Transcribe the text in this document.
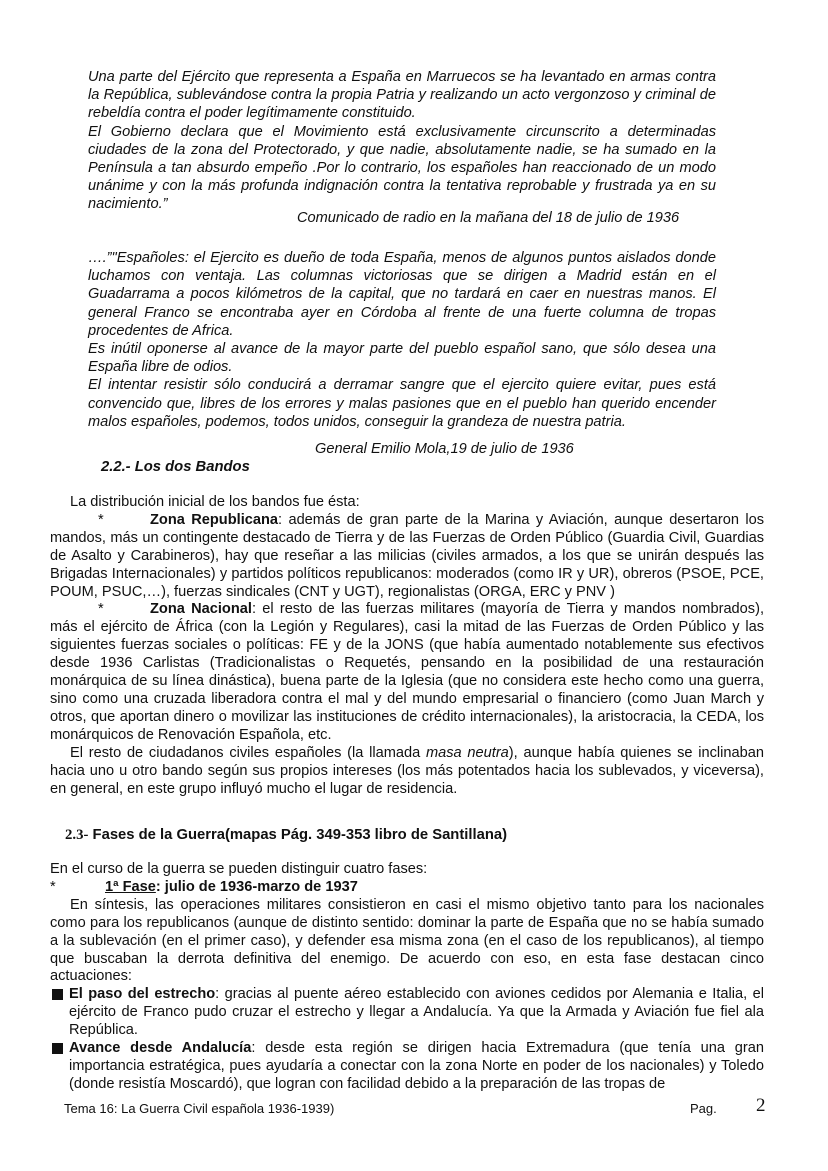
Una parte del Ejército que representa a España en Marruecos se ha levantado en armas contra la República, sublevándose contra la propia Patria y realizando un acto vergonzoso y criminal de rebeldía contra el poder legítimamente constituido.

El Gobierno declara que el Movimiento está exclusivamente circunscrito a determinadas ciudades de la zona del Protectorado, y que nadie, absolutamente nadie, se ha sumado en la Península a tan absurdo empeño .Por lo contrario, los españoles han reaccionado de un modo unánime y con la más profunda indignación contra la tentativa reprobable y frustrada ya en su nacimiento.”

Comunicado de radio en la mañana del 18 de julio de 1936

….”"Españoles: el Ejercito es dueño de toda España, menos de algunos puntos aislados donde luchamos con ventaja. Las columnas victoriosas que se dirigen a Madrid están en el Guadarrama a pocos kilómetros de la capital, que no tardará en caer en nuestras manos. El general Franco se encontraba ayer en Córdoba al frente de una fuerte columna de tropas procedentes de Africa.

Es inútil oponerse al avance de la mayor parte del pueblo español sano, que sólo desea una España libre de odios.

El intentar resistir sólo conducirá a derramar sangre que el ejercito quiere evitar, pues está convencido que, libres de los errores y malas pasiones que en el pueblo han querido encender malos españoles, podemos, todos unidos, conseguir la grandeza de nuestra patria.

General Emilio Mola,19 de julio de 1936
2.2.- Los dos Bandos

La distribución inicial de los bandos fue ésta:

*	Zona Republicana: además de gran parte de la Marina y Aviación, aunque desertaron los mandos, más un contingente destacado de Tierra y de las Fuerzas de Orden Público (Guardia Civil, Guardias de Asalto y Carabineros), hay que reseñar a las milicias (civiles armados, a los que se unirán después las Brigadas Internacionales) y partidos políticos republicanos: moderados (como IR y UR), obreros (PSOE, PCE, POUM, PSUC,…), fuerzas sindicales (CNT y UGT), regionalistas (ORGA, ERC y PNV )

*	Zona Nacional: el resto de las fuerzas militares (mayoría de Tierra y mandos nombrados), más el ejército de África (con la Legión y Regulares), casi la mitad de las Fuerzas de Orden Público y las siguientes fuerzas sociales o políticas: FE y de la JONS (que había aumentado notablemente sus efectivos desde 1936 Carlistas (Tradicionalistas o Requetés, pensando en la posibilidad de una restauración monárquica de su línea dinástica), buena parte de la Iglesia (que no considera este hecho como una guerra, sino como una cruzada liberadora contra el mal y del mundo empresarial o financiero (como Juan March y otros, que aportan dinero o movilizar las instituciones de crédito internacionales), la aristocracia, la CEDA, los monárquicos de Renovación Española, etc.

El resto de ciudadanos civiles españoles (la llamada masa neutra), aunque había quienes se inclinaban hacia uno u otro bando según sus propios intereses (los más potentados hacia los sublevados, y viceversa), en general, en este grupo influyó mucho el lugar de residencia.

2.3- Fases de la Guerra(mapas Pág. 349-353 libro de Santillana)

En el curso de la guerra se pueden distinguir cuatro fases:

*	1ª Fase: julio de 1936-marzo de 1937

En síntesis, las operaciones militares consistieron en casi el mismo objetivo tanto para los nacionales como para los republicanos (aunque de distinto sentido: dominar la parte de España que no se había sumado a la sublevación (en el primer caso), y defender esa misma zona (en el caso de los republicanos), al tiempo que buscaban la derrota definitiva del enemigo. De acuerdo con eso, en esta fase destacan cinco actuaciones:

El paso del estrecho: gracias al puente aéreo establecido con aviones cedidos por Alemania e Italia, el ejército de Franco pudo cruzar el estrecho y llegar a Andalucía. Ya que la Armada y Aviación fue fiel ala República.

Avance desde Andalucía: desde esta región se dirigen hacia Extremadura (que tenía una gran importancia estratégica, pues ayudaría a conectar con la zona Norte en poder de los nacionales) y Toledo (donde resistía Moscardó), que logran con facilidad debido a la preparación de las tropas de

Tema 16: La Guerra Civil española 1936-1939)	Pag. 2
